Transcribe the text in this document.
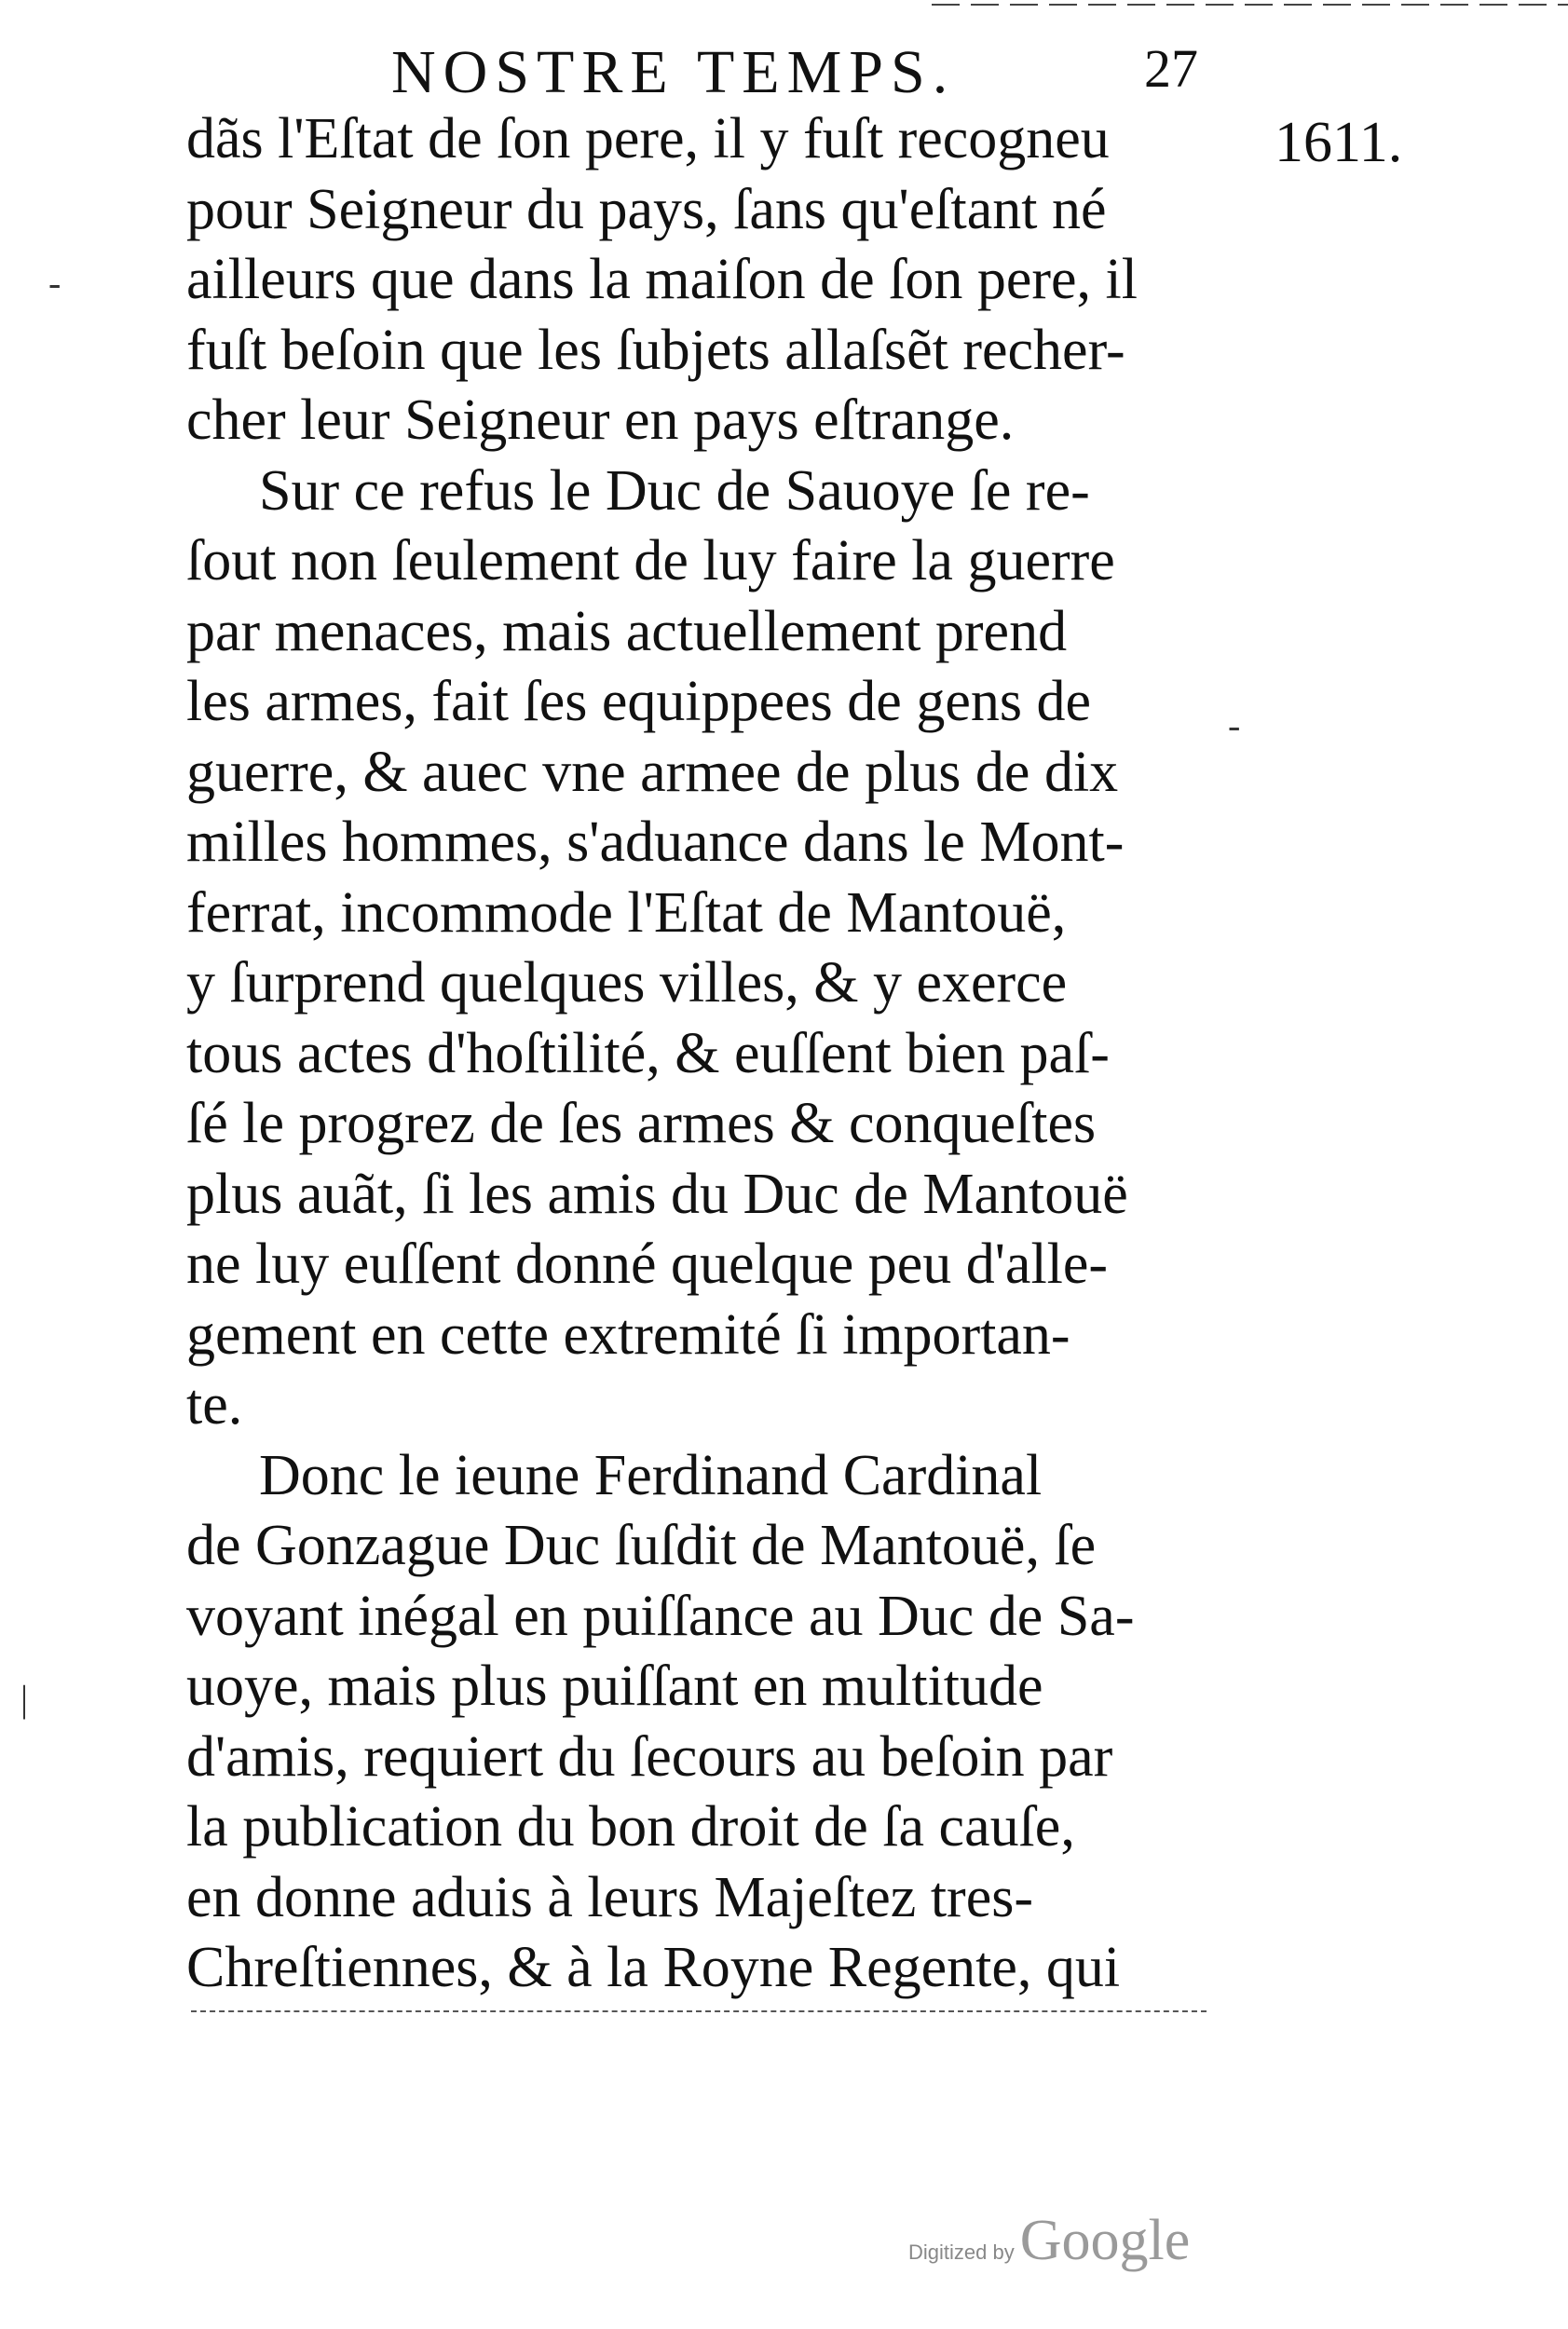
NOSTRE TEMPS.	27
1611.
-
-
|
dãs l'Eſtat de ſon pere, il y fuſt recogneu
pour Seigneur du pays, ſans qu'eſtant né
ailleurs que dans la maiſon de ſon pere, il
fuſt beſoin que les ſubjets allaſsẽt recher-
cher leur Seigneur en pays eſtrange.
Sur ce refus le Duc de Sauoye ſe re-
ſout non ſeulement de luy faire la guerre
par menaces, mais actuellement prend
les armes, fait ſes equippees de gens de
guerre, & auec vne armee de plus de dix
milles hommes, s'aduance dans le Mont-
ferrat, incommode l'Eſtat de Mantouë,
y ſurprend quelques villes, & y exerce
tous actes d'hoſtilité, & euſſent bien paſ-
ſé le progrez de ſes armes & conqueſtes
plus auãt, ſi les amis du Duc de Mantouë
ne luy euſſent donné quelque peu d'alle-
gement en cette extremité ſi importan-
te.
Donc le ieune Ferdinand Cardinal
de Gonzague Duc ſuſdit de Mantouë, ſe
voyant inégal en puiſſance au Duc de Sa-
uoye, mais plus puiſſant en multitude
d'amis, requiert du ſecours au beſoin par
la publication du bon droit de ſa cauſe,
en donne aduis à leurs Majeſtez tres-
Chreſtiennes, & à la Royne Regente, qui
Digitized byGoogle
